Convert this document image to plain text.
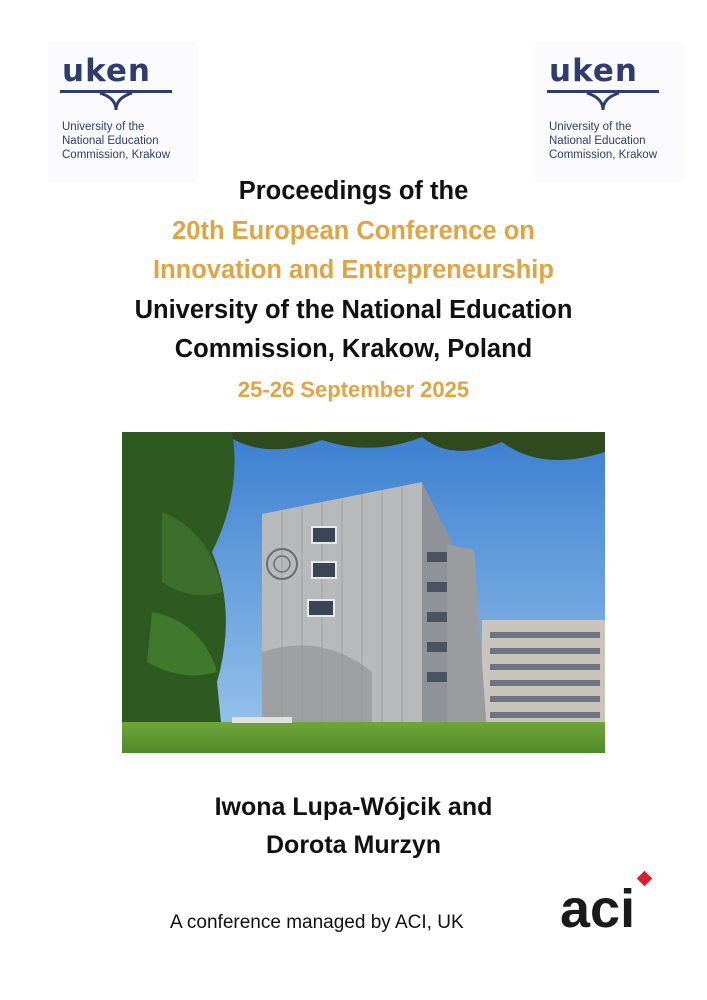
uken
University of the
National Education
Commission, Krakow
uken
University of the
National Education
Commission, Krakow
Proceedings of the
20th European Conference on
Innovation and Entrepreneurship
University of the National Education
Commission, Krakow, Poland
25-26 September 2025
Iwona Lupa-Wójcik and
Dorota Murzyn
A conference managed by ACI, UK aci
